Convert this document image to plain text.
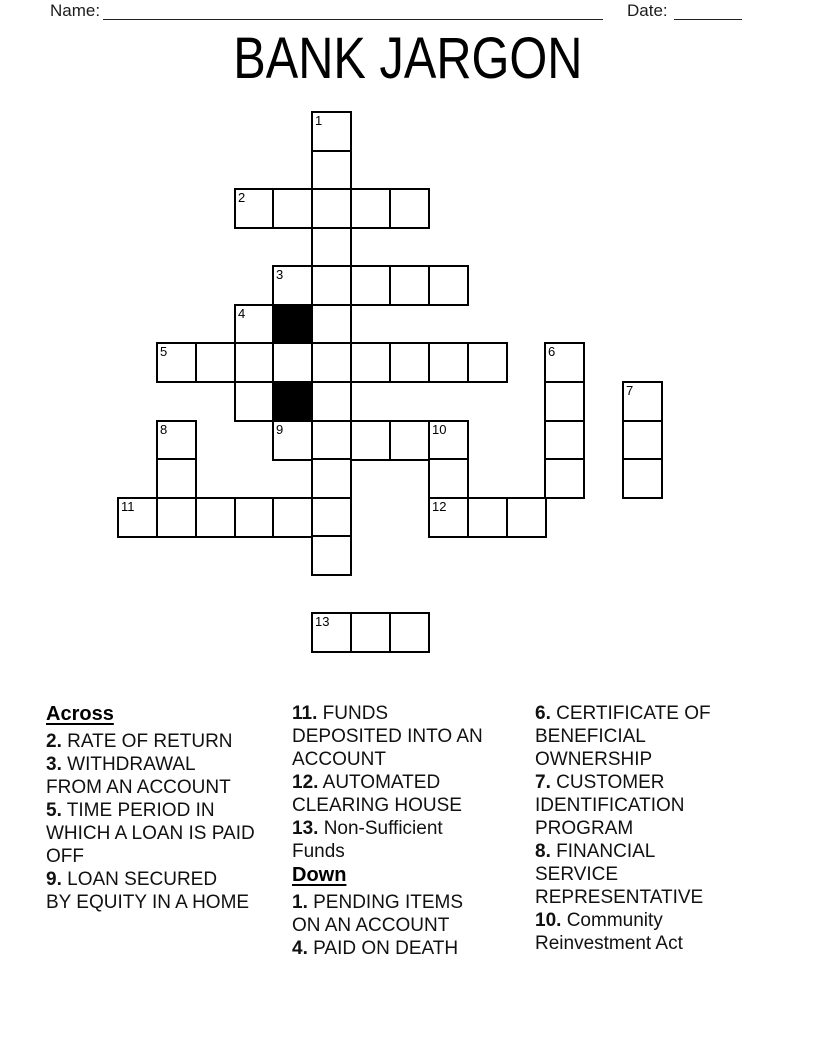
Name:	Date:
BANK JARGON
1
2
3
4
5	6
7
8	9	10
11	12
13
Across
2. RATE OF RETURN
3. WITHDRAWAL
FROM AN ACCOUNT
5. TIME PERIOD IN
WHICH A LOAN IS PAID
OFF
9. LOAN SECURED
BY EQUITY IN A HOME
11. FUNDS
DEPOSITED INTO AN
ACCOUNT
12. AUTOMATED
CLEARING HOUSE
13. Non-Sufficient
Funds
Down
1. PENDING ITEMS
ON AN ACCOUNT
4. PAID ON DEATH
6. CERTIFICATE OF
BENEFICIAL
OWNERSHIP
7. CUSTOMER
IDENTIFICATION
PROGRAM
8. FINANCIAL
SERVICE
REPRESENTATIVE
10. Community
Reinvestment Act
